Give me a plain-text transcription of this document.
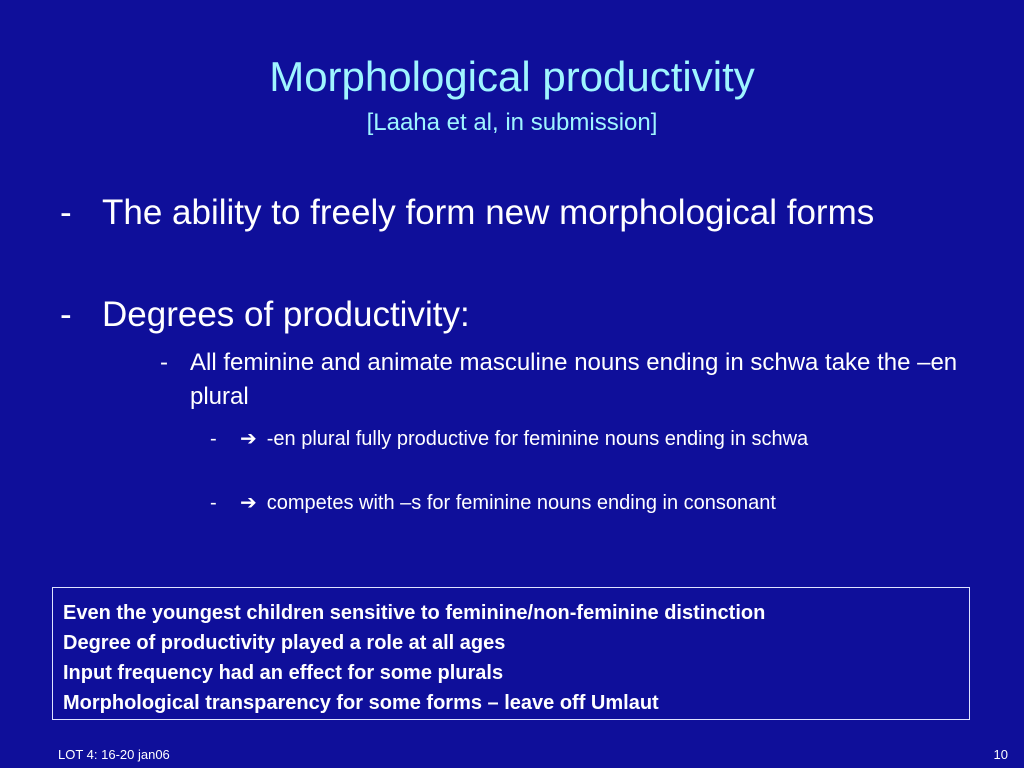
Morphological productivity
[Laaha et al, in submission]
- The ability to freely form new morphological forms
- Degrees of productivity:
- All feminine and animate masculine nouns ending in schwa take the –en plural
- ➔ -en plural fully productive for feminine nouns ending in schwa
- ➔ competes with –s for feminine nouns ending in consonant
Even the youngest children sensitive to feminine/non-feminine distinction
Degree of productivity played a role at all ages
Input frequency had an effect for some plurals
Morphological transparency for some forms – leave off Umlaut
LOT 4: 16-20 jan06	10
